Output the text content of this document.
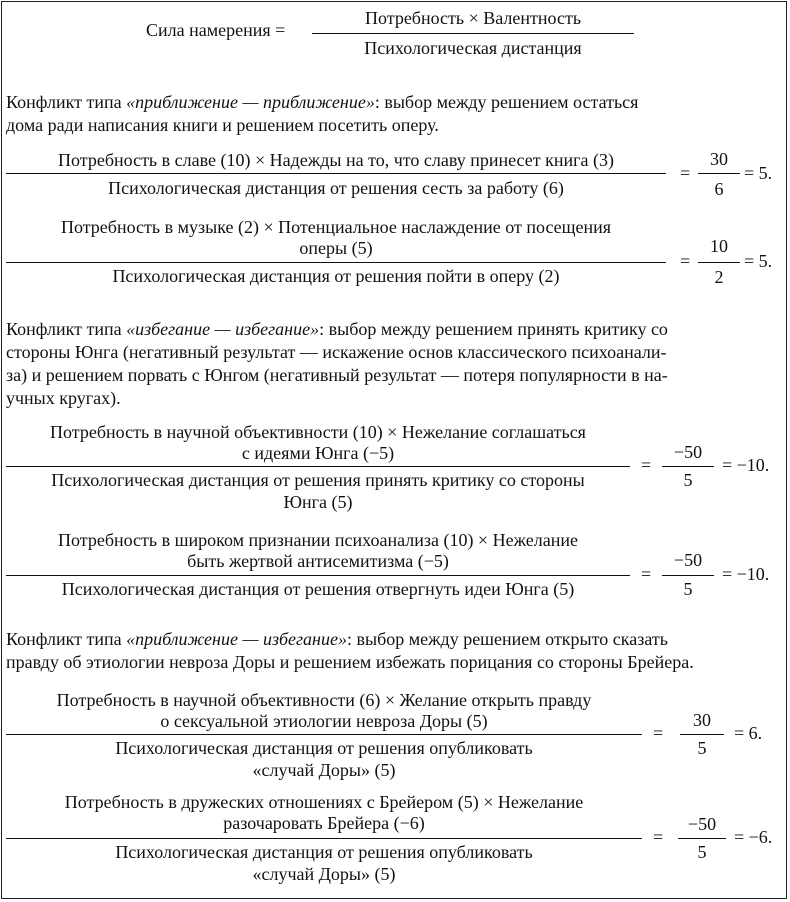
Сила намерения =
Потребность × Валентность
Психологическая дистанция
Конфликт типа «приближение — приближение»: выбор между решением остаться
дома ради написания книги и решением посетить оперу.
Потребность в славе (10) × Надежды на то, что славу принесет книга (3)
Психологическая дистанция от решения сесть за работу (6)
=
30
6
= 5.
Потребность в музыке (2) × Потенциальное наслаждение от посещения
оперы (5)
Психологическая дистанция от решения пойти в оперу (2)
=
10
2
= 5.
Конфликт типа «избегание — избегание»: выбор между решением принять критику со
стороны Юнга (негативный результат — искажение основ классического психоанали-
за) и решением порвать с Юнгом (негативный результат — потеря популярности в на-
учных кругах).
Потребность в научной объективности (10) × Нежелание соглашаться
с идеями Юнга (−5)
Психологическая дистанция от решения принять критику со стороны
Юнга (5)
=
−50
5
= −10.
Потребность в широком признании психоанализа (10) × Нежелание
быть жертвой антисемитизма (−5)
Психологическая дистанция от решения отвергнуть идеи Юнга (5)
=
−50
5
= −10.
Конфликт типа «приближение — избегание»: выбор между решением открыто сказать
правду об этиологии невроза Доры и решением избежать порицания со стороны Брейера.
Потребность в научной объективности (6) × Желание открыть правду
о сексуальной этиологии невроза Доры (5)
Психологическая дистанция от решения опубликовать
«случай Доры» (5)
=
30
5
= 6.
Потребность в дружеских отношениях с Брейером (5) × Нежелание
разочаровать Брейера (−6)
Психологическая дистанция от решения опубликовать
«случай Доры» (5)
=
−50
5
= −6.
